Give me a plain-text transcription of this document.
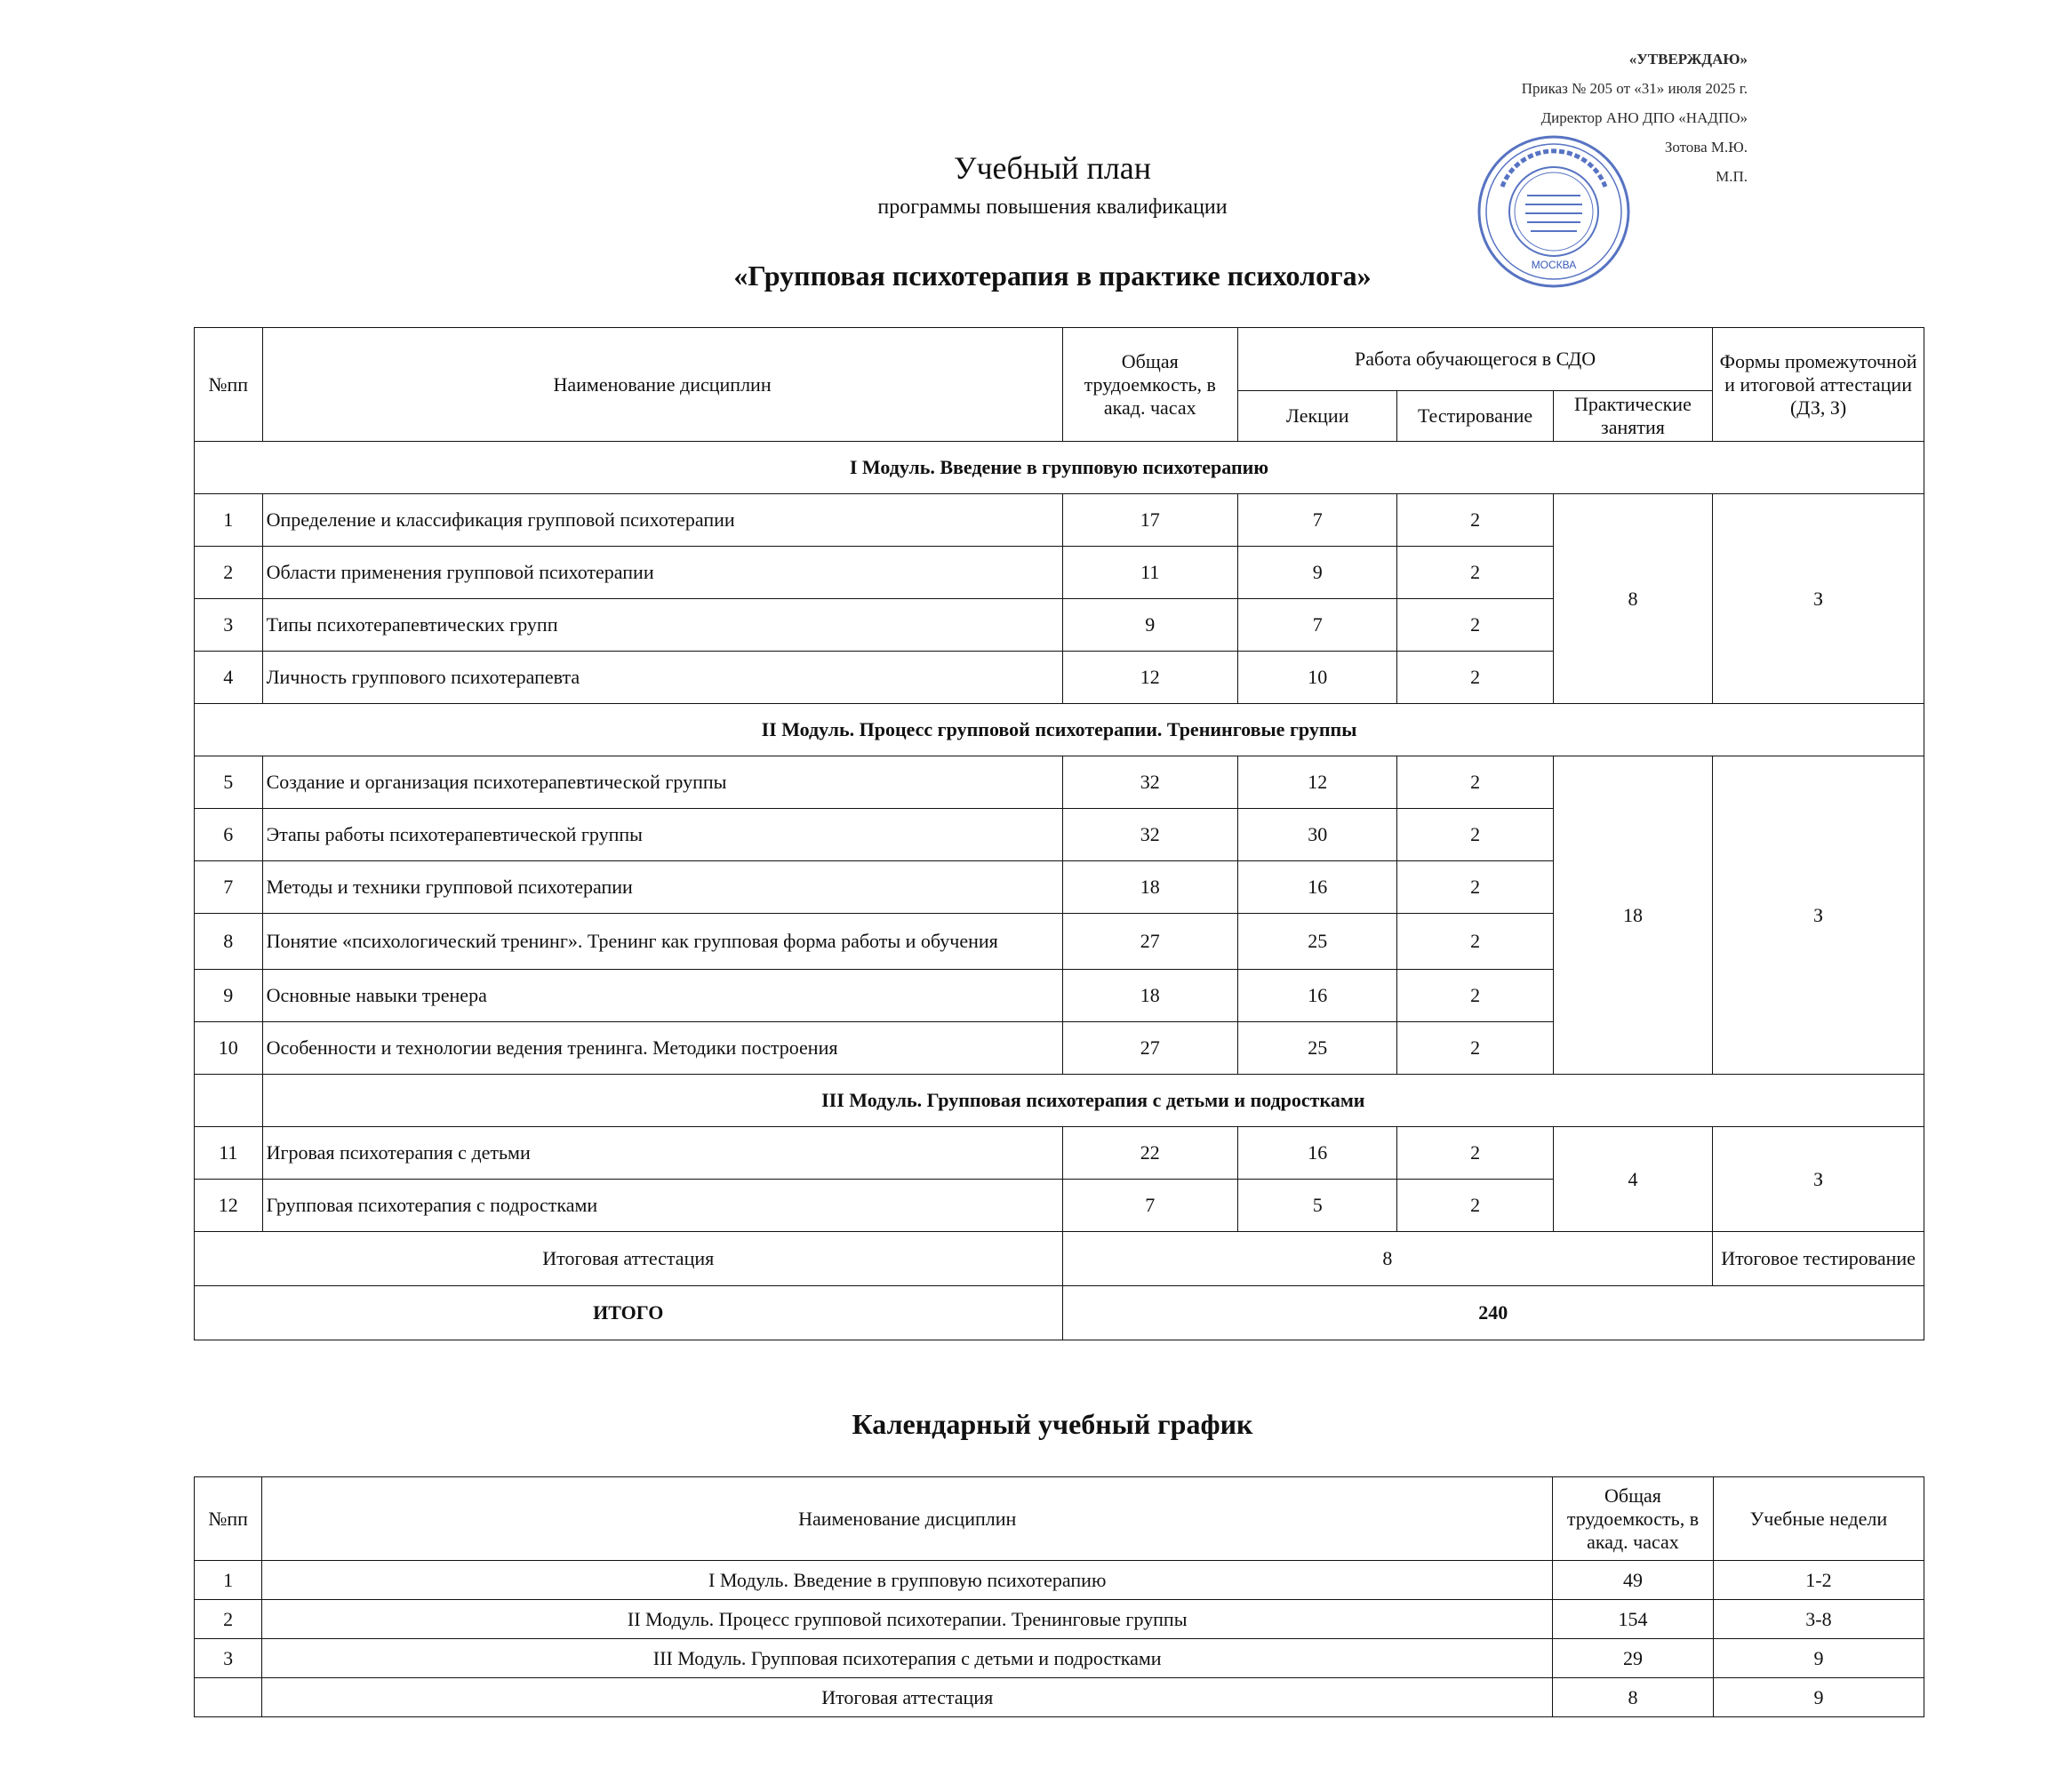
«УТВЕРЖДАЮ»
Приказ № 205 от «31» июля 2025 г.
Директор АНО ДПО «НАДПО»
Зотова М.Ю.
М.П.
МОСКВА
Учебный план
программы повышения квалификации
«Групповая психотерапия в практике психолога»
№пп	Наименование дисциплин	Общая трудоемкость, в акад. часах	Работа обучающегося в СДО			Формы промежуточной и итоговой аттестации (ДЗ, З)
			Лекции	Тестирование	Практические занятия	
I Модуль. Введение в групповую психотерапию						
1	Определение и классификация групповой психотерапии	17	7	2	8	З
2	Области применения групповой психотерапии	11	9	2		
3	Типы психотерапевтических групп	9	7	2		
4	Личность группового психотерапевта	12	10	2		
II Модуль. Процесс групповой психотерапии. Тренинговые группы						
5	Создание и организация психотерапевтической группы	32	12	2	18	З
6	Этапы работы психотерапевтической группы	32	30	2		
7	Методы и техники групповой психотерапии	18	16	2		
8	Понятие «психологический тренинг». Тренинг как групповая форма работы и обучения	27	25	2		
9	Основные навыки тренера	18	16	2		
10	Особенности и технологии ведения тренинга. Методики построения	27	25	2		
	III Модуль. Групповая психотерапия с детьми и подростками					
11	Игровая психотерапия с детьми	22	16	2	4	З
12	Групповая психотерапия с подростками	7	5	2		
Итоговая аттестация		8				Итоговое тестирование
ИТОГО		240				
Календарный учебный график
№пп	Наименование дисциплин	Общая трудоемкость, в акад. часах	Учебные недели
1	I Модуль. Введение в групповую психотерапию	49	1-2
2	II Модуль. Процесс групповой психотерапии. Тренинговые группы	154	3-8
3	III Модуль. Групповая психотерапия с детьми и подростками	29	9
	Итоговая аттестация	8	9
